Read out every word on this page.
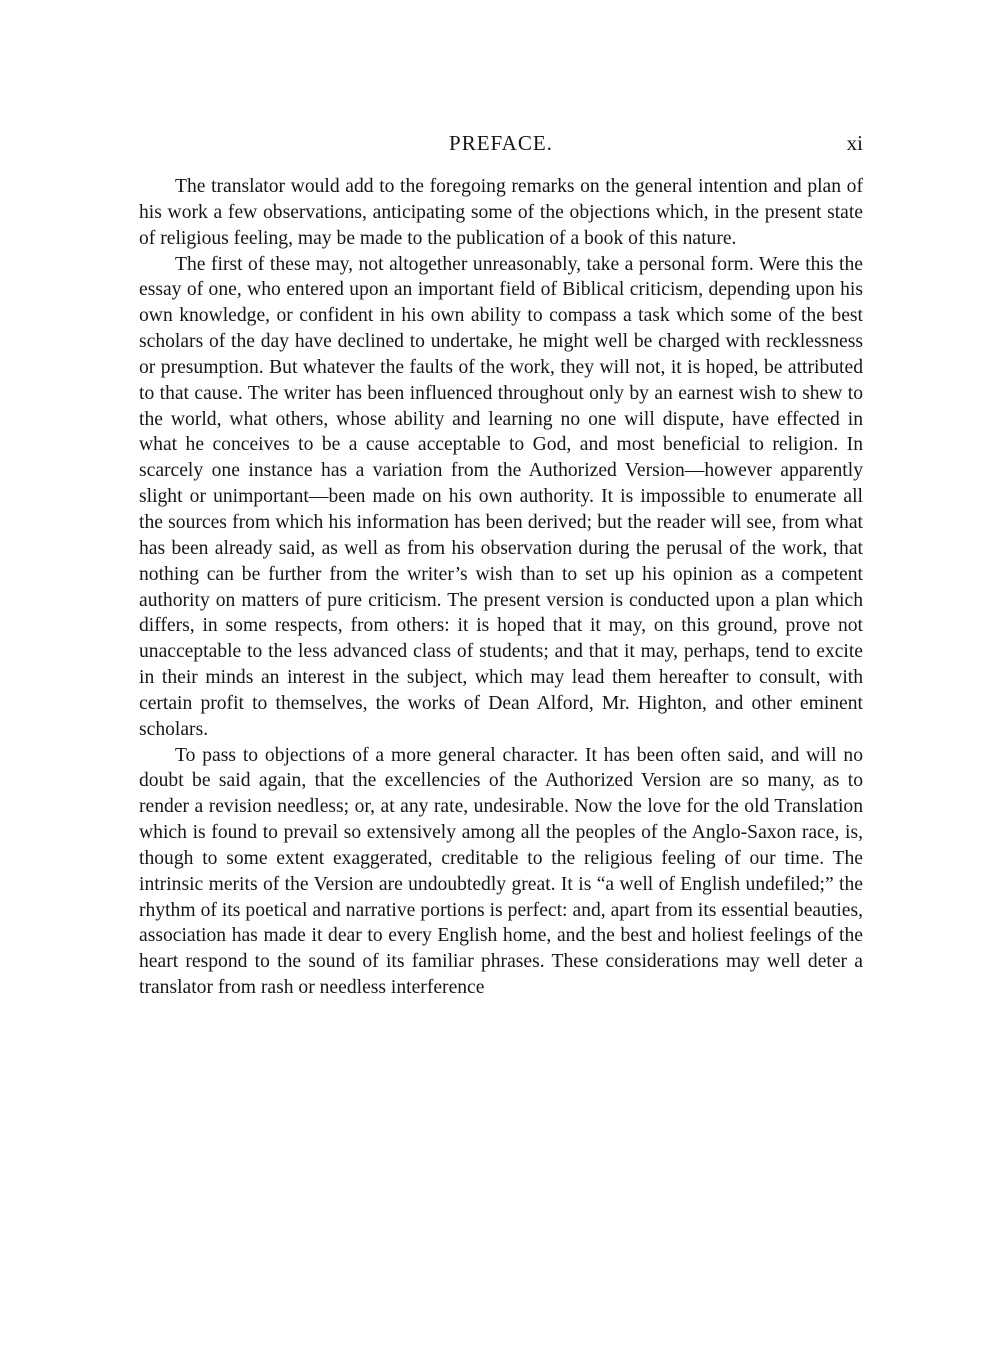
PREFACE.	xi

The translator would add to the foregoing remarks on the general intention and plan of his work a few observations, anticipating some of the objections which, in the present state of religious feeling, may be made to the publication of a book of this nature.

The first of these may, not altogether unreasonably, take a personal form. Were this the essay of one, who entered upon an important field of Biblical criticism, depending upon his own knowledge, or confident in his own ability to compass a task which some of the best scholars of the day have declined to undertake, he might well be charged with recklessness or presumption. But whatever the faults of the work, they will not, it is hoped, be attributed to that cause. The writer has been influenced throughout only by an earnest wish to shew to the world, what others, whose ability and learning no one will dispute, have effected in what he conceives to be a cause acceptable to God, and most beneficial to religion. In scarcely one instance has a variation from the Authorized Version—however apparently slight or unimportant—been made on his own authority. It is impossible to enumerate all the sources from which his information has been derived; but the reader will see, from what has been already said, as well as from his observation during the perusal of the work, that nothing can be further from the writer’s wish than to set up his opinion as a competent authority on matters of pure criticism. The present version is conducted upon a plan which differs, in some respects, from others: it is hoped that it may, on this ground, prove not unacceptable to the less advanced class of students; and that it may, perhaps, tend to excite in their minds an interest in the subject, which may lead them hereafter to consult, with certain profit to themselves, the works of Dean Alford, Mr. Highton, and other eminent scholars.

To pass to objections of a more general character. It has been often said, and will no doubt be said again, that the excellencies of the Authorized Version are so many, as to render a revision needless; or, at any rate, undesirable. Now the love for the old Translation which is found to prevail so extensively among all the peoples of the Anglo-Saxon race, is, though to some extent exaggerated, creditable to the religious feeling of our time. The intrinsic merits of the Version are undoubtedly great. It is “a well of English undefiled;” the rhythm of its poetical and narrative portions is perfect: and, apart from its essential beauties, association has made it dear to every English home, and the best and holiest feelings of the heart respond to the sound of its familiar phrases. These considerations may well deter a translator from rash or needless interference
